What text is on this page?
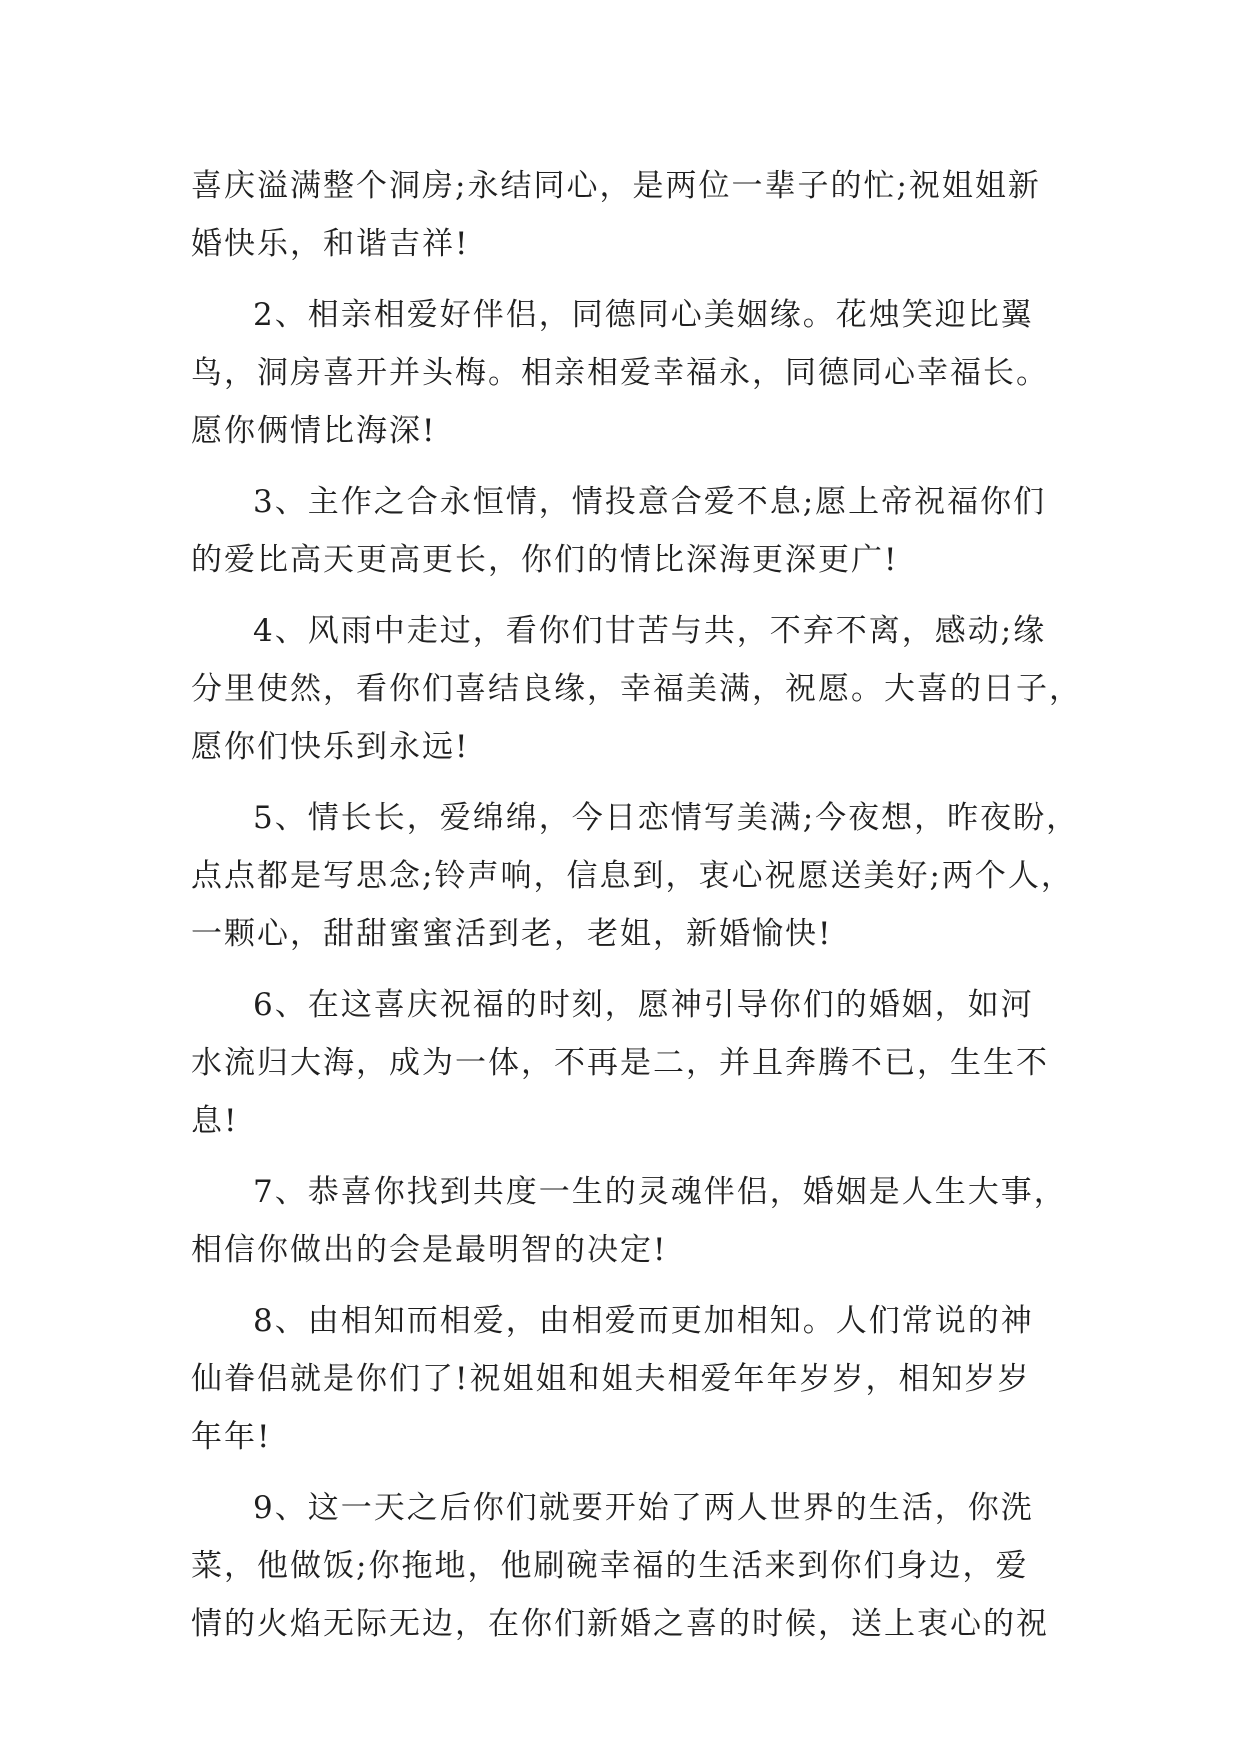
喜庆溢满整个洞房;永结同心，是两位一辈子的忙;祝姐姐新
婚快乐，和谐吉祥!
2、相亲相爱好伴侣，同德同心美姻缘。花烛笑迎比翼
鸟，洞房喜开并头梅。相亲相爱幸福永，同德同心幸福长。
愿你俩情比海深!
3、主作之合永恒情，情投意合爱不息;愿上帝祝福你们
的爱比高天更高更长，你们的情比深海更深更广!
4、风雨中走过，看你们甘苦与共，不弃不离，感动;缘
分里使然，看你们喜结良缘，幸福美满，祝愿。大喜的日子，
愿你们快乐到永远!
5、情长长，爱绵绵，今日恋情写美满;今夜想，昨夜盼，
点点都是写思念;铃声响，信息到，衷心祝愿送美好;两个人，
一颗心，甜甜蜜蜜活到老，老姐，新婚愉快!
6、在这喜庆祝福的时刻，愿神引导你们的婚姻，如河
水流归大海，成为一体，不再是二，并且奔腾不已，生生不
息!
7、恭喜你找到共度一生的灵魂伴侣，婚姻是人生大事，
相信你做出的会是最明智的决定!
8、由相知而相爱，由相爱而更加相知。人们常说的神
仙眷侣就是你们了!祝姐姐和姐夫相爱年年岁岁，相知岁岁
年年!
9、这一天之后你们就要开始了两人世界的生活，你洗
菜，他做饭;你拖地，他刷碗幸福的生活来到你们身边，爱
情的火焰无际无边，在你们新婚之喜的时候，送上衷心的祝
